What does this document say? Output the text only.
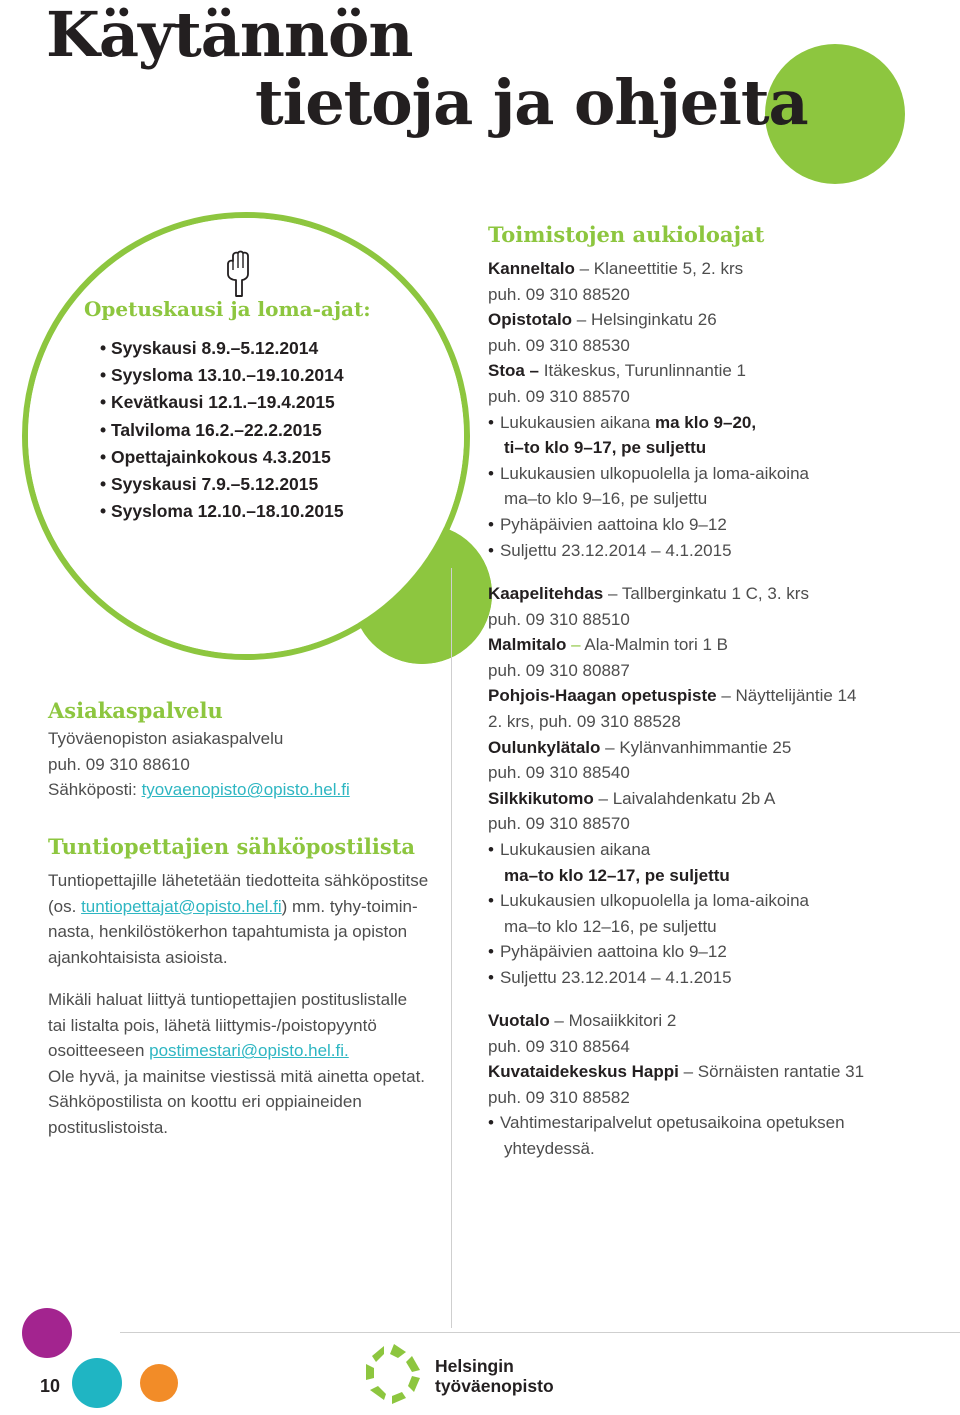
Käytännön
tietoja ja ohjeita
Opetuskausi ja loma-ajat:
• Syyskausi 8.9.–5.12.2014
• Syysloma 13.10.–19.10.2014
• Kevätkausi 12.1.–19.4.2015
• Talviloma 16.2.–22.2.2015
• Opettajainkokous 4.3.2015
• Syyskausi 7.9.–5.12.2015
• Syysloma 12.10.–18.10.2015
Asiakaspalvelu
Työväenopiston asiakaspalvelu
puh. 09 310 88610
Sähköposti: tyovaenopisto@opisto.hel.fi
Tuntiopettajien sähköpostilista
Tuntiopettajille lähetetään tiedotteita sähköpostitse
(os. tuntiopettajat@opisto.hel.fi) mm. tyhy-toimin-
nasta, henkilöstökerhon tapahtumista ja opiston
ajankohtaisista asioista.
Mikäli haluat liittyä tuntiopettajien postituslistalle
tai listalta pois, lähetä liittymis-/poistopyyntö
osoitteeseen postimestari@opisto.hel.fi.
Ole hyvä, ja mainitse viestissä mitä ainetta opetat.
Sähköpostilista on koottu eri oppiaineiden
postituslistoista.
Toimistojen aukioloajat
Kanneltalo – Klaneettitie 5, 2. krs
puh. 09 310 88520
Opistotalo – Helsinginkatu 26
puh. 09 310 88530
Stoa – Itäkeskus, Turunlinnantie 1
puh. 09 310 88570
• Lukukausien aikana ma klo 9–20,
ti–to klo 9–17, pe suljettu
• Lukukausien ulkopuolella ja loma-aikoina
ma–to klo 9–16, pe suljettu
• Pyhäpäivien aattoina klo 9–12
• Suljettu 23.12.2014 – 4.1.2015
Kaapelitehdas – Tallberginkatu 1 C, 3. krs
puh. 09 310 88510
Malmitalo – Ala-Malmin tori 1 B
puh. 09 310 80887
Pohjois-Haagan opetuspiste – Näyttelijäntie 14
2. krs, puh. 09 310 88528
Oulunkylätalo – Kylänvanhimmantie 25
puh. 09 310 88540
Silkkikutomo – Laivalahdenkatu 2b A
puh. 09 310 88570
• Lukukausien aikana
ma–to klo 12–17, pe suljettu
• Lukukausien ulkopuolella ja loma-aikoina
ma–to klo 12–16, pe suljettu
• Pyhäpäivien aattoina klo 9–12
• Suljettu 23.12.2014 – 4.1.2015
Vuotalo – Mosaiikkitori 2
puh. 09 310 88564
Kuvataidekeskus Happi – Sörnäisten rantatie 31
puh. 09 310 88582
• Vahtimestaripalvelut opetusaikoina opetuksen
yhteydessä.
10
Helsingin
työväenopisto
